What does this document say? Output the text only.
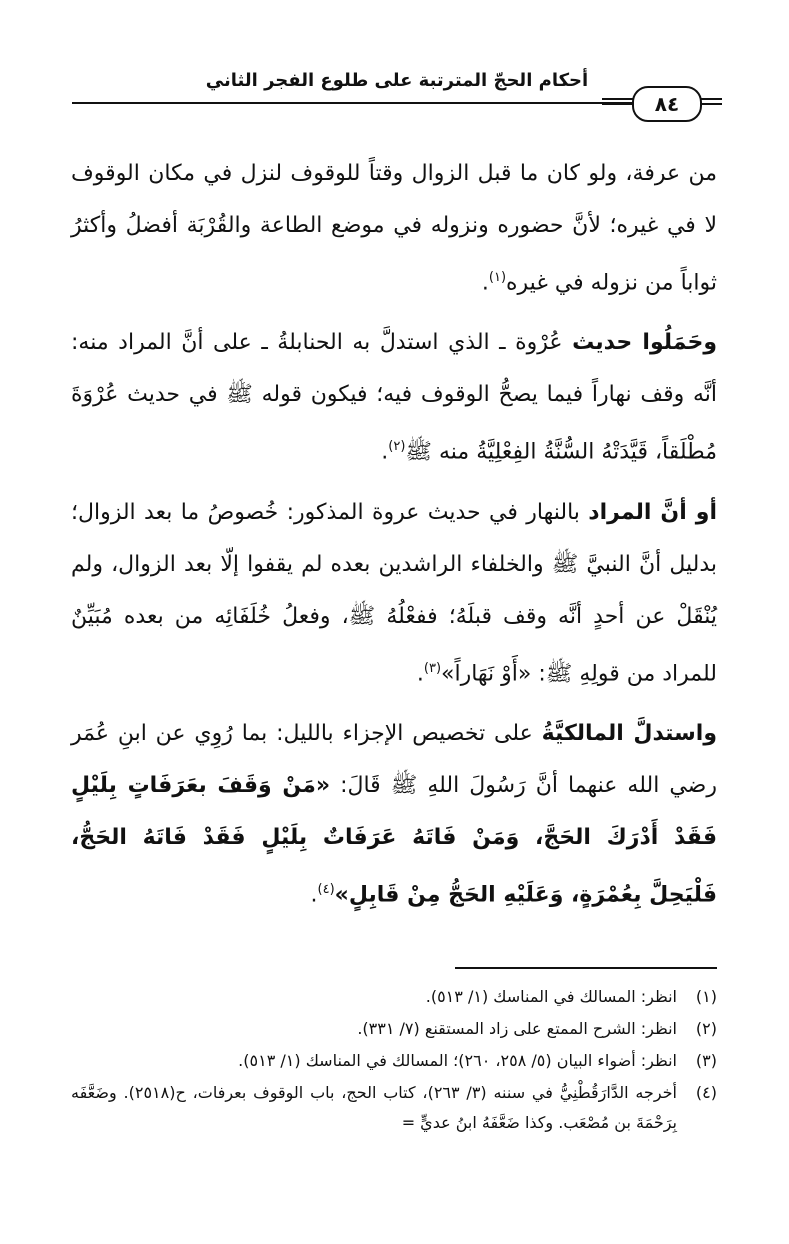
أحكام الحجّ المترتبة على طلوع الفجر الثاني
٨٤

من عرفة، ولو كان ما قبل الزوال وقتاً للوقوف لنزل في مكان الوقوف لا في غيره؛ لأنَّ حضوره ونزوله في موضع الطاعة والقُرْبَة أفضلُ وأكثرُ ثواباً من نزوله في غيره$^{(١)}$.

وحَمَلُوا حديث عُرْوة ـ الذي استدلَّ به الحنابلةُ ـ على أنَّ المراد منه: أنَّه وقف نهاراً فيما يصحُّ الوقوف فيه؛ فيكون قوله ﷺ في حديث عُرْوَةَ مُطْلَقاً، قَيَّدَتْهُ السُّنَّةُ الفِعْلِيَّةُ منه ﷺ$^{(٢)}$.

أو أنَّ المراد بالنهار في حديث عروة المذكور: خُصوصُ ما بعد الزوال؛ بدليل أنَّ النبيَّ ﷺ والخلفاء الراشدين بعده لم يقفوا إلّا بعد الزوال، ولم يُنْقَلْ عن أحدٍ أنَّه وقف قبلَهُ؛ ففعْلُهُ ﷺ، وفعلُ خُلَفَائِه من بعده مُبَيِّنٌ للمراد من قولِهِ ﷺ: «أَوْ نَهَاراً»$^{(٣)}$.

واستدلَّ المالكيَّةُ على تخصيص الإجزاء بالليل: بما رُوِي عن ابنِ عُمَر رضي الله عنهما أنَّ رَسُولَ اللهِ ﷺ قَالَ: «مَنْ وَقَفَ بعَرَفَاتٍ بِلَيْلٍ فَقَدْ أَدْرَكَ الحَجَّ، وَمَنْ فَاتَهُ عَرَفَاتٌ بِلَيْلٍ فَقَدْ فَاتَهُ الحَجُّ، فَلْيَحِلَّ بِعُمْرَةٍ، وَعَلَيْهِ الحَجُّ مِنْ قَابِلٍ»$^{(٤)}$.

(١)
انظر: المسالك في المناسك (١/ ٥١٣).
(٢)
انظر: الشرح الممتع على زاد المستقنع (٧/ ٣٣١).
(٣)
انظر: أضواء البيان (٥/ ٢٥٨، ٢٦٠)؛ المسالك في المناسك (١/ ٥١٣).
(٤)
أخرجه الدَّارَقُطْنِيُّ في سننه (٣/ ٢٦٣)، كتاب الحج، باب الوقوف بعرفات، ح(٢٥١٨). وضَعَّفَه بِرَحْمَةَ بن مُصْعَب. وكذا ضَعَّفَهُ ابنُ عديٍّ =
